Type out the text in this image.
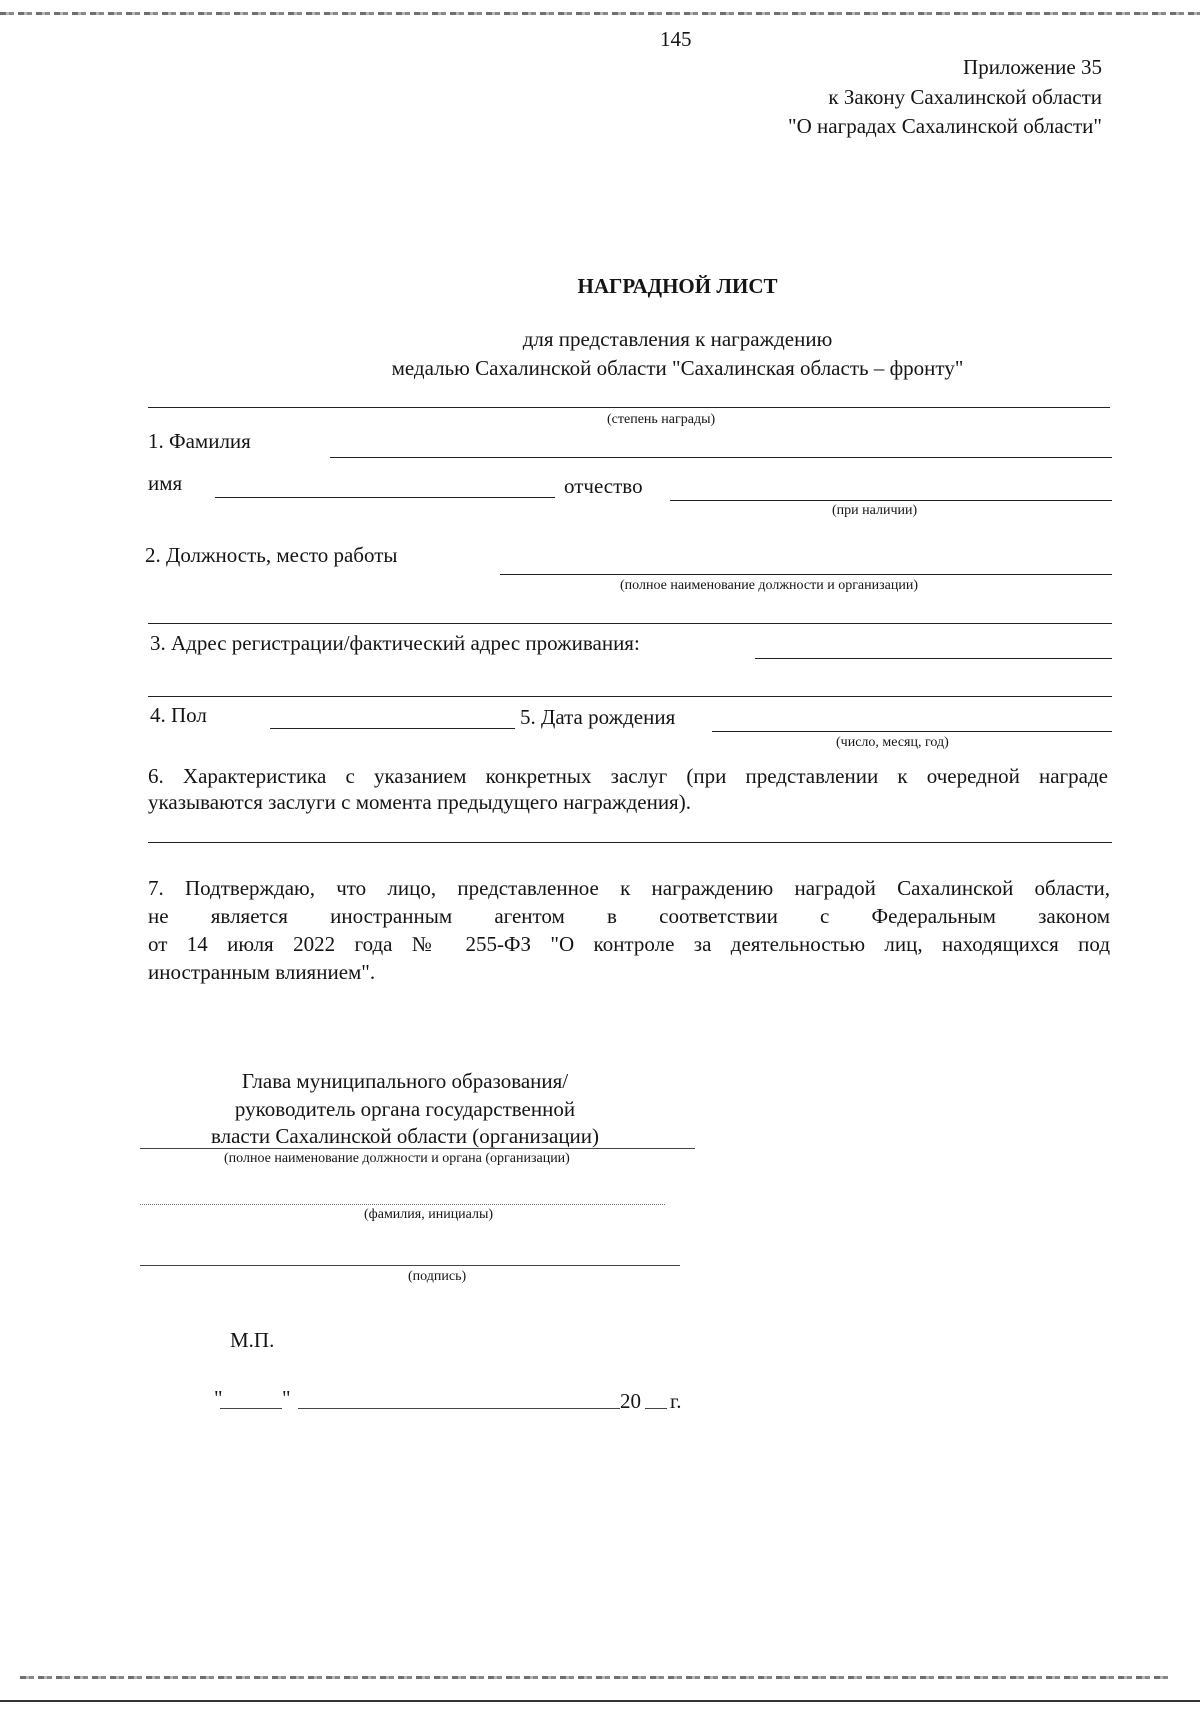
145
Приложение 35
к Закону Сахалинской области
"О наградах Сахалинской области"
НАГРАДНОЙ ЛИСТ
для представления к награждению
медалью Сахалинской области "Сахалинская область – фронту"
(степень награды)
1. Фамилия
имя	отчество
(при наличии)
2. Должность, место работы
(полное наименование должности и организации)
3. Адрес регистрации/фактический адрес проживания:
4. Пол	5. Дата рождения
(число, месяц, год)
6. Характеристика с указанием конкретных заслуг (при представлении к очередной награде
указываются заслуги с момента предыдущего награждения).
7. Подтверждаю, что лицо, представленное к награждению наградой Сахалинской области,
не является иностранным агентом в соответствии с Федеральным законом
от 14 июля 2022 года № 255-ФЗ "О контроле за деятельностью лиц, находящихся под
иностранным влиянием".
Глава муниципального образования/
руководитель органа государственной
власти Сахалинской области (организации)
(полное наименование должности и органа (организации)
(фамилия, инициалы)
(подпись)
М.П.
"	"	20 г.
